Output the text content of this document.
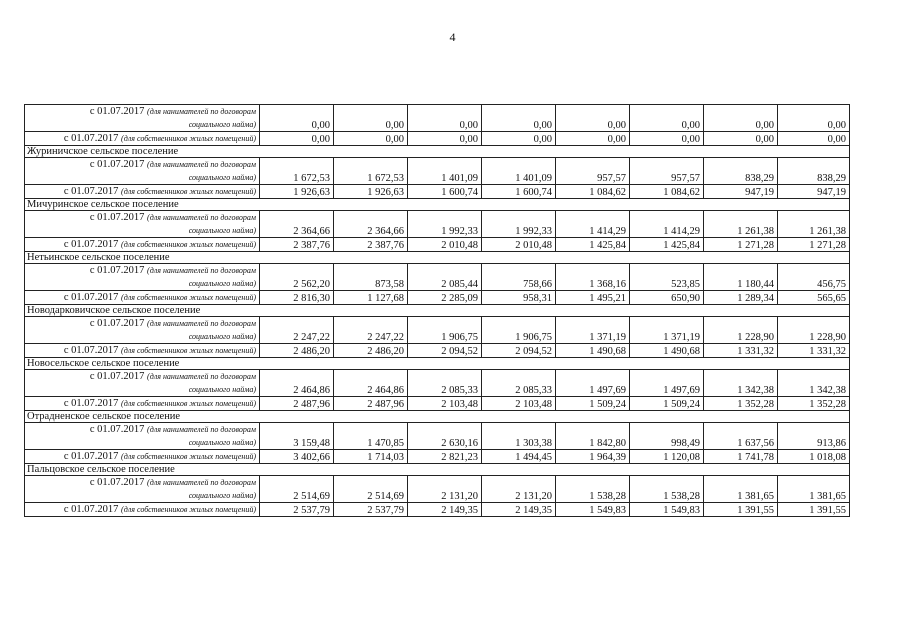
4
с 01.07.2017 (для нанимателей по договорам
социального найма)	0,00	0,00	0,00	0,00	0,00	0,00	0,00	0,00

с 01.07.2017 (для собственников жилых помещений)	0,00	0,00	0,00	0,00	0,00	0,00	0,00	0,00
Журиничское сельское поселение								

с 01.07.2017 (для нанимателей по договорам
социального найма)	1 672,53	1 672,53	1 401,09	1 401,09	957,57	957,57	838,29	838,29

с 01.07.2017 (для собственников жилых помещений)	1 926,63	1 926,63	1 600,74	1 600,74	1 084,62	1 084,62	947,19	947,19
Мичуринское сельское поселение								

с 01.07.2017 (для нанимателей по договорам
социального найма)	2 364,66	2 364,66	1 992,33	1 992,33	1 414,29	1 414,29	1 261,38	1 261,38

с 01.07.2017 (для собственников жилых помещений)	2 387,76	2 387,76	2 010,48	2 010,48	1 425,84	1 425,84	1 271,28	1 271,28
Нетьинское сельское поселение								

с 01.07.2017 (для нанимателей по договорам
социального найма)	2 562,20	873,58	2 085,44	758,66	1 368,16	523,85	1 180,44	456,75

с 01.07.2017 (для собственников жилых помещений)	2 816,30	1 127,68	2 285,09	958,31	1 495,21	650,90	1 289,34	565,65
Новодарковичское сельское поселение								

с 01.07.2017 (для нанимателей по договорам
социального найма)	2 247,22	2 247,22	1 906,75	1 906,75	1 371,19	1 371,19	1 228,90	1 228,90

с 01.07.2017 (для собственников жилых помещений)	2 486,20	2 486,20	2 094,52	2 094,52	1 490,68	1 490,68	1 331,32	1 331,32
Новосельское сельское поселение								

с 01.07.2017 (для нанимателей по договорам
социального найма)	2 464,86	2 464,86	2 085,33	2 085,33	1 497,69	1 497,69	1 342,38	1 342,38

с 01.07.2017 (для собственников жилых помещений)	2 487,96	2 487,96	2 103,48	2 103,48	1 509,24	1 509,24	1 352,28	1 352,28
Отрадненское сельское поселение								

с 01.07.2017 (для нанимателей по договорам
социального найма)	3 159,48	1 470,85	2 630,16	1 303,38	1 842,80	998,49	1 637,56	913,86

с 01.07.2017 (для собственников жилых помещений)	3 402,66	1 714,03	2 821,23	1 494,45	1 964,39	1 120,08	1 741,78	1 018,08
Пальцовское сельское поселение								

с 01.07.2017 (для нанимателей по договорам
социального найма)	2 514,69	2 514,69	2 131,20	2 131,20	1 538,28	1 538,28	1 381,65	1 381,65

с 01.07.2017 (для собственников жилых помещений)	2 537,79	2 537,79	2 149,35	2 149,35	1 549,83	1 549,83	1 391,55	1 391,55
